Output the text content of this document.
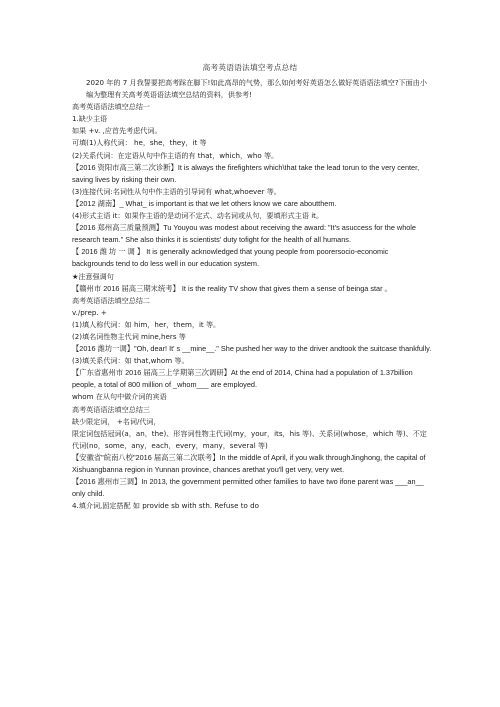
高考英语语法填空考点总结

2020 年的 7 月我誓要把高考踩在脚下!如此高昂的气势，那么如何考好英语怎么做好英语语法填空?下面由小编为整理有关高考英语语法填空总结的资料，供参考!

高考英语语法填空总结一

1.缺少主语

如果 +v. ,应首先考虑代词。

可填(1)人称代词： he，she，they，it 等

(2)关系代词：在定语从句中作主语的有 that，which，who 等。

【2016 资阳市高三第二次诊断】It is always the firefighters which\that take the lead torun to the very center, saving lives by risking their own.

(3)连接代词:名词性从句中作主语的引导词有 what,whoever 等。

【2012 湖南】_ What_ is important is that we let others know we care aboutthem.

(4)形式主语 it：如果作主语的是动词不定式、动名词或从句，要填形式主语 it。

【2016 郑州高三质量预测】Tu Youyou was modest about receiving the award: "It's asuccess for the whole research team." She also thinks it is scientists' duty tofight for the health of all humans.

【 2016 潍 坊 一 调 】 It is generally acknowledged that young people from poorersocio-economic backgrounds tend to do less well in our education system.

★注意强调句

【赣州市 2016 届高三期末统考】 It is the reality TV show that gives them a sense of beinga star 。

高考英语语法填空总结二

v./prep. +

(1)填人称代词：如 him，her，them，it 等。

(2)填名词性物主代词 mine,hers 等

【2016 潍坊一调】"Oh, dear! It' s __mine__." She pushed her way to the driver andtook the suitcase thankfully.

(3)填关系代词：如 that,whom 等。

【广东省惠州市 2016 届高三上学期第三次调研】At the end of 2014, China had a population of 1.37billion people, a total of 800 million of _whom___ are employed.

whom 在从句中做介词的宾语

高考英语语法填空总结三

缺少限定词， +名词/代词，

限定词包括冠词(a，an，the)、形容词性物主代词(my，your，its，his 等)、关系词(whose，which 等)、不定代词(no，some，any，each，every，many，several 等)

【安徽省"皖南八校"2016 届高三第二次联考】In the middle of April, if you walk throughJinghong, the capital of Xishuangbanna region in Yunnan province, chances arethat you'll get very, very wet.

【2016 惠州市三调】In 2013, the government permitted other families to have two ifone parent was ___an__ only child.

4.填介词,固定搭配 如 provide sb with sth. Refuse to do
